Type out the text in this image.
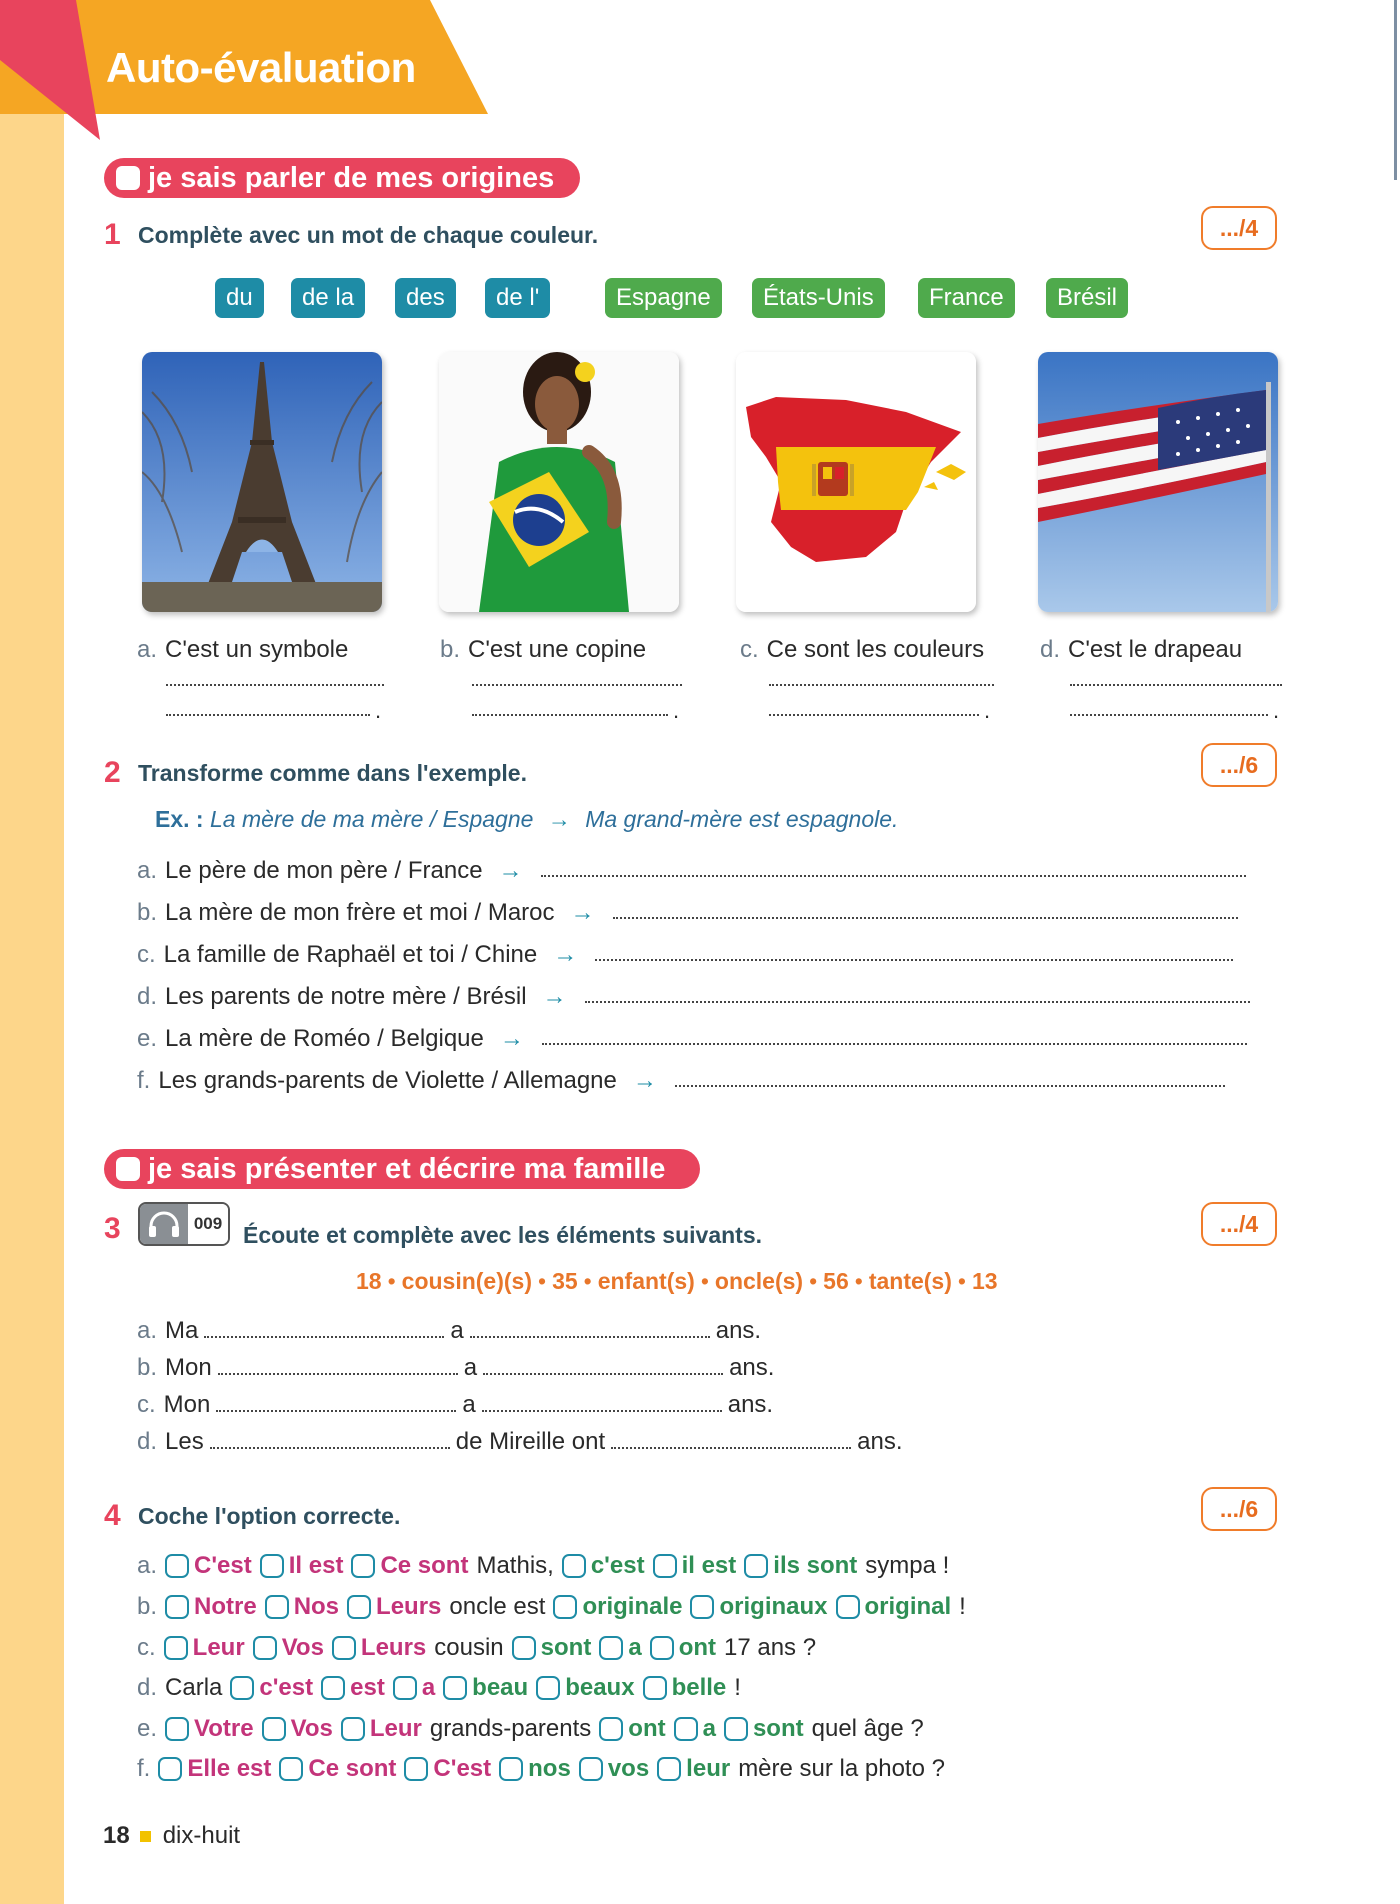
Auto-évaluation
je sais parler de mes origines
1 Complète avec un mot de chaque couleur.	.../4
du	de la	des	de l'	Espagne	États-Unis	France	Brésil
a. C'est un symbole	b. C'est une copine	c. Ce sont les couleurs d. C'est le drapeau
.	.	.	.
2 Transforme comme dans l'exemple.	.../6
Ex. : La mère de ma mère / Espagne → Ma grand-mère est espagnole.
a. Le père de mon père / France →
b. La mère de mon frère et moi / Maroc →
c. La famille de Raphaël et toi / Chine →
d. Les parents de notre mère / Brésil →
e. La mère de Roméo / Belgique →
f. Les grands-parents de Violette / Allemagne →
je sais présenter et décrire ma famille
3	009 Écoute et complète avec les éléments suivants.	.../4
18 • cousin(e)(s) • 35 • enfant(s) • oncle(s) • 56 • tante(s) • 13
a. Ma	a	ans.
b. Mon	a	ans.
c. Mon	a	ans.
d. Les	de Mireille ont	ans.
4 Coche l'option correcte.	.../6
a. C'est Il est Ce sont Mathis, c'est il est ils sont sympa !
b. Notre Nos Leurs oncle est originale originaux original !
c. Leur Vos Leurs cousin sont a ont 17 ans ?
d. Carla c'est est a beau beaux belle !
e. Votre Vos Leur grands-parents ont a sont quel âge ?
f. Elle est Ce sont C'est nos vos leur mère sur la photo ?
18 dix-huit
